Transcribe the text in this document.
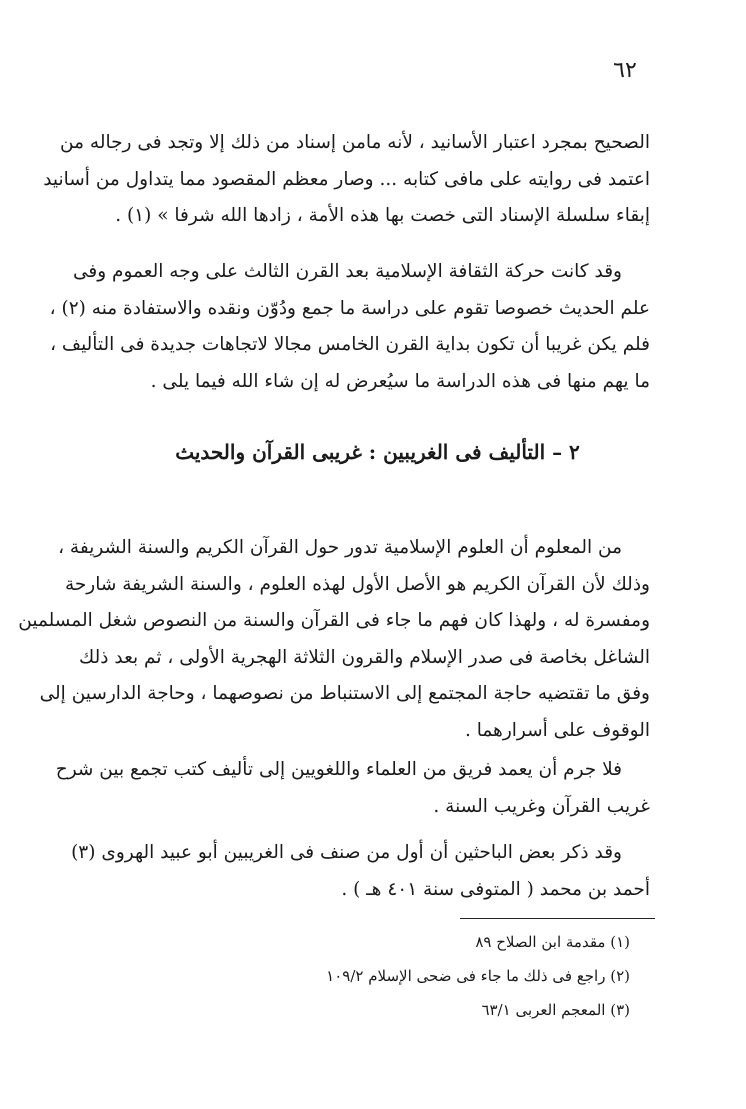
٦٢
الصحيح بمجرد اعتبار الأسانيد ، لأنه مامن إسناد من ذلك إلا وتجد فى رجاله من
اعتمد فى روايته على مافى كتابه ... وصار معظم المقصود مما يتداول من أسانيد
إبقاء سلسلة الإسناد التى خصت بها هذه الأمة ، زادها الله شرفا » (١) .
وقد كانت حركة الثقافة الإسلامية بعد القرن الثالث على وجه العموم وفى
علم الحديث خصوصا تقوم على دراسة ما جمع ودُوّن ونقده والاستفادة منه (٢) ،
فلم يكن غريبا أن تكون بداية القرن الخامس مجالا لاتجاهات جديدة فى التأليف ،
ما يهم منها فى هذه الدراسة ما سيُعرض له إن شاء الله فيما يلى .
٢ – التأليف فى الغريبين : غريبى القرآن والحديث
من المعلوم أن العلوم الإسلامية تدور حول القرآن الكريم والسنة الشريفة ،
وذلك لأن القرآن الكريم هو الأصل الأول لهذه العلوم ، والسنة الشريفة شارحة
ومفسرة له ، ولهذا كان فهم ما جاء فى القرآن والسنة من النصوص شغل المسلمين
الشاغل بخاصة فى صدر الإسلام والقرون الثلاثة الهجرية الأولى ، ثم بعد ذلك
وفق ما تقتضيه حاجة المجتمع إلى الاستنباط من نصوصهما ، وحاجة الدارسين إلى
الوقوف على أسرارهما .
فلا جرم أن يعمد فريق من العلماء واللغويين إلى تأليف كتب تجمع بين شرح
غريب القرآن وغريب السنة .
وقد ذكر بعض الباحثين أن أول من صنف فى الغريبين أبو عبيد الهروى (٣)
أحمد بن محمد ( المتوفى سنة ٤٠١ هـ ) .
(١) مقدمة ابن الصلاح ٨٩
(٢) راجع فى ذلك ما جاء فى ضحى الإسلام ١٠٩/٢
(٣) المعجم العربى ٦٣/١
